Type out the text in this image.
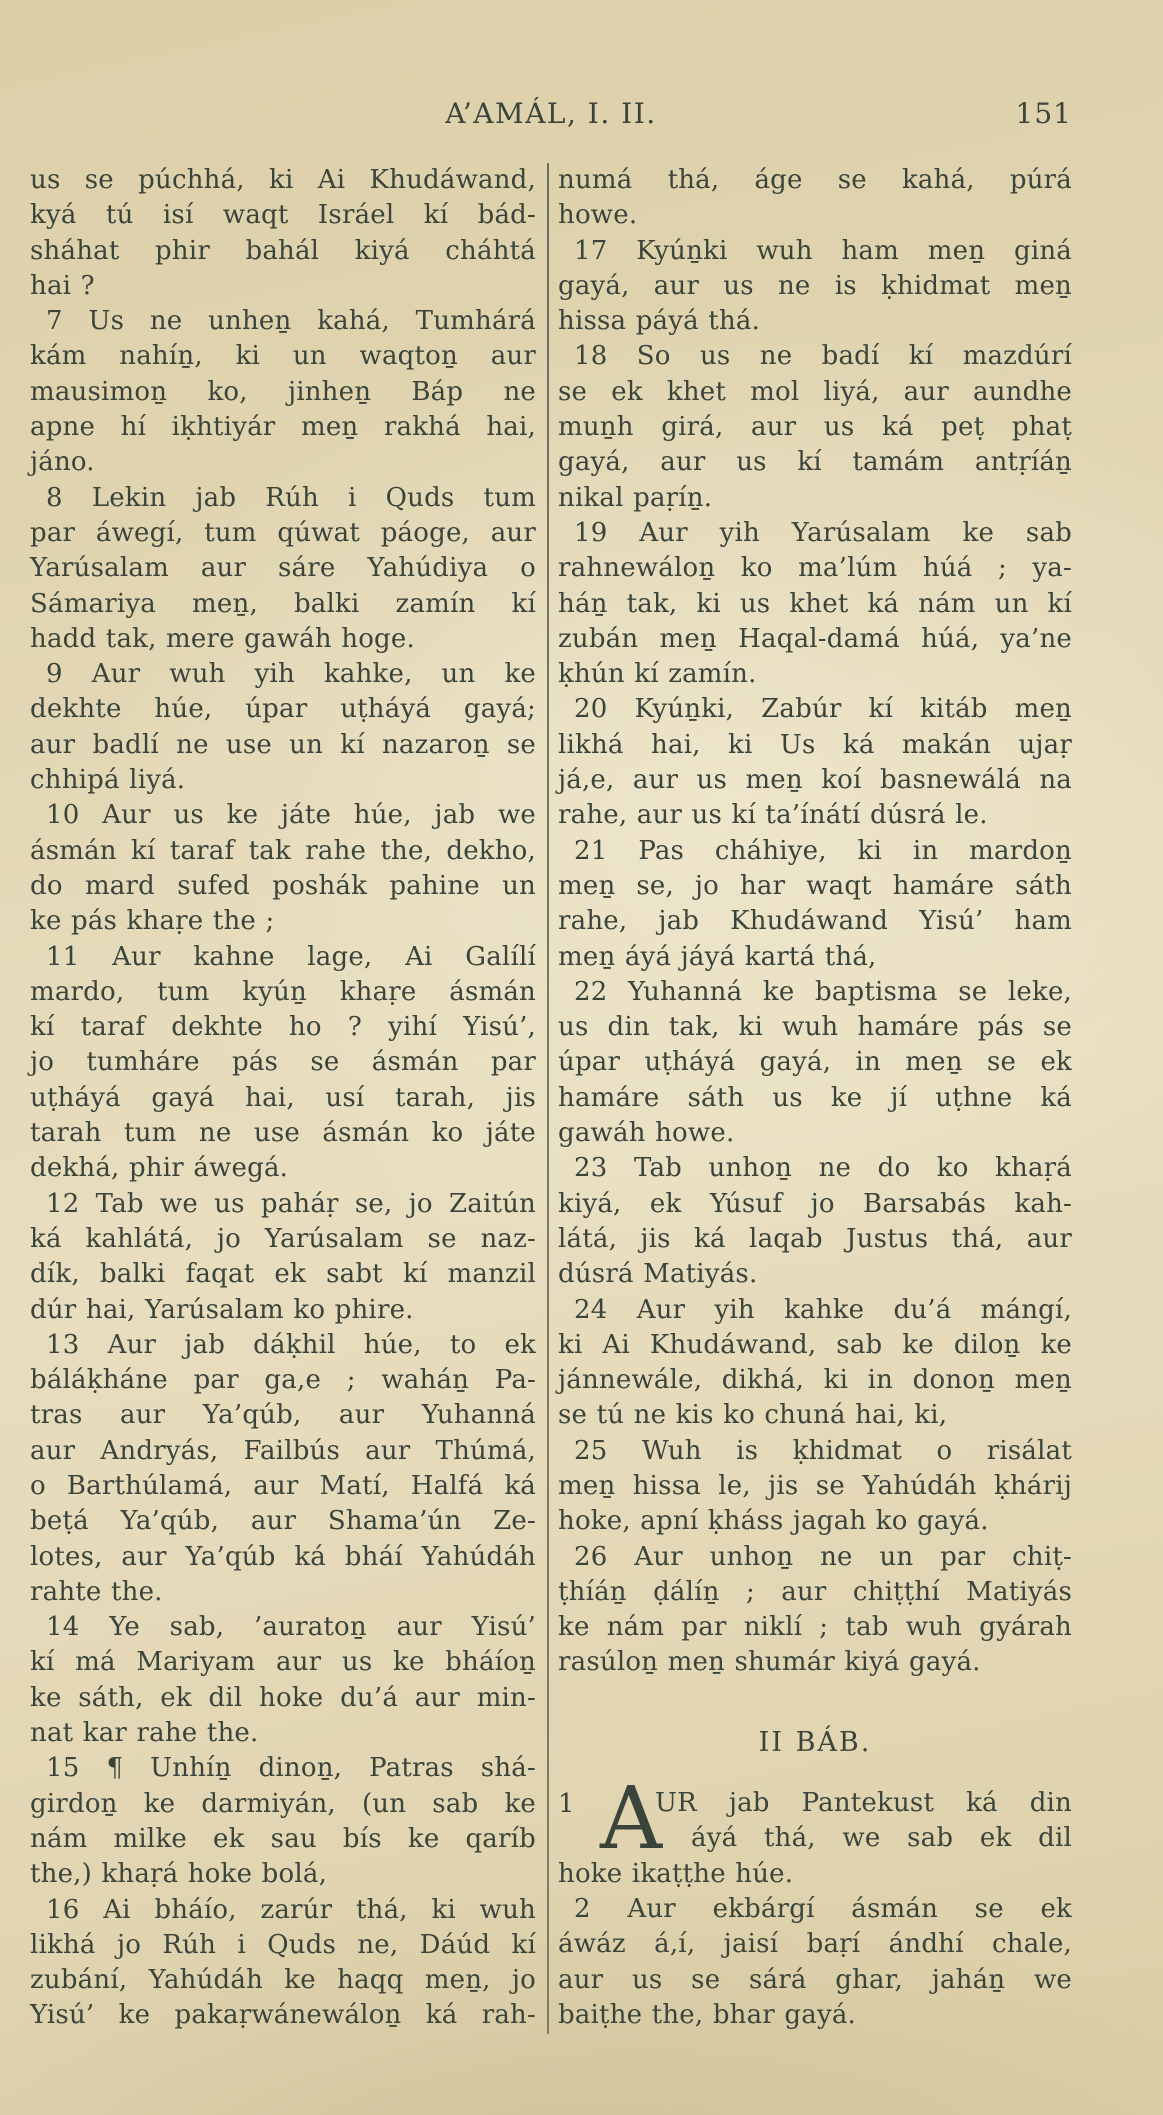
A’AMÁL, I. II.	151
us se púchhá, ki Ai Khudáwand,
kyá tú isí waqt Isráel kí bád-
sháhat phir bahál kiyá cháhtá
hai ?
7 Us ne unheṉ kahá, Tumhárá
kám nahíṉ, ki un waqtoṉ aur
mausimoṉ ko, jinheṉ Báp ne
apne hí iḳhtiyár meṉ rakhá hai,
jáno.
8 Lekin jab Rúh i Quds tum
par áwegí, tum qúwat páoge, aur
Yarúsalam aur sáre Yahúdiya o
Sámariya meṉ, balki zamín kí
hadd tak, mere gawáh hoge.
9 Aur wuh yih kahke, un ke
dekhte húe, úpar uṭháyá gayá;
aur badlí ne use un kí nazaroṉ se
chhipá liyá.
10 Aur us ke játe húe, jab we
ásmán kí taraf tak rahe the, dekho,
do mard sufed poshák pahine un
ke pás khaṛe the ;
11 Aur kahne lage, Ai Galílí
mardo, tum kyúṉ khaṛe ásmán
kí taraf dekhte ho ? yihí Yisú’,
jo tumháre pás se ásmán par
uṭháyá gayá hai, usí tarah, jis
tarah tum ne use ásmán ko játe
dekhá, phir áwegá.
12 Tab we us paháṛ se, jo Zaitún
ká kahlátá, jo Yarúsalam se naz-
dík, balki faqat ek sabt kí manzil
dúr hai, Yarúsalam ko phire.
13 Aur jab dáḳhil húe, to ek
báláḳháne par ga,e ; waháṉ Pa-
tras aur Ya’qúb, aur Yuhanná
aur Andryás, Failbús aur Thúmá,
o Barthúlamá, aur Matí, Halfá ká
beṭá Ya’qúb, aur Shama’ún Ze-
lotes, aur Ya’qúb ká bháí Yahúdáh
rahte the.
14 Ye sab, ’auratoṉ aur Yisú’
kí má Mariyam aur us ke bháíoṉ
ke sáth, ek dil hoke du’á aur min-
nat kar rahe the.
15 ¶ Unhíṉ dinoṉ, Patras shá-
girdoṉ ke darmiyán, (un sab ke
nám milke ek sau bís ke qaríb
the,) khaṛá hoke bolá,
16 Ai bháío, zarúr thá, ki wuh
likhá jo Rúh i Quds ne, Dáúd kí
zubání, Yahúdáh ke haqq meṉ, jo
Yisú’ ke pakaṛwánewáloṉ ká rah-
numá thá, áge se kahá, púrá
howe.
17 Kyúṉki wuh ham meṉ giná
gayá, aur us ne is ḳhidmat meṉ
hissa páyá thá.
18 So us ne badí kí mazdúrí
se ek khet mol liyá, aur aundhe
muṉh girá, aur us ká peṭ phaṭ
gayá, aur us kí tamám antṛíáṉ
nikal paṛíṉ.
19 Aur yih Yarúsalam ke sab
rahnewáloṉ ko ma’lúm húá ; ya-
háṉ tak, ki us khet ká nám un kí
zubán meṉ Haqal-damá húá, ya’ne
ḳhún kí zamín.
20 Kyúṉki, Zabúr kí kitáb meṉ
likhá hai, ki Us ká makán ujaṛ
já,e, aur us meṉ koí basnewálá na
rahe, aur us kí ta’ínátí dúsrá le.
21 Pas cháhiye, ki in mardoṉ
meṉ se, jo har waqt hamáre sáth
rahe, jab Khudáwand Yisú’ ham
meṉ áyá jáyá kartá thá,
22 Yuhanná ke baptisma se leke,
us din tak, ki wuh hamáre pás se
úpar uṭháyá gayá, in meṉ se ek
hamáre sáth us ke jí uṭhne ká
gawáh howe.
23 Tab unhoṉ ne do ko khaṛá
kiyá, ek Yúsuf jo Barsabás kah-
látá, jis ká laqab Justus thá, aur
dúsrá Matiyás.
24 Aur yih kahke du’á mángí,
ki Ai Khudáwand, sab ke diloṉ ke
jánnewále, dikhá, ki in donoṉ meṉ
se tú ne kis ko chuná hai, ki,
25 Wuh is ḳhidmat o risálat
meṉ hissa le, jis se Yahúdáh ḳhárij
hoke, apní ḳháss jagah ko gayá.
26 Aur unhoṉ ne un par chiṭ-
ṭhíáṉ ḍálíṉ ; aur chiṭṭhí Matiyás
ke nám par niklí ; tab wuh gyárah
rasúloṉ meṉ shumár kiyá gayá.
II BÁB.
1 A
UR jab Pantekust ká din
áyá thá, we sab ek dil
hoke ikaṭṭhe húe.
2 Aur ekbárgí ásmán se ek
áwáz á,í, jaisí baṛí ándhí chale,
aur us se sárá ghar, jaháṉ we
baiṭhe the, bhar gayá.
